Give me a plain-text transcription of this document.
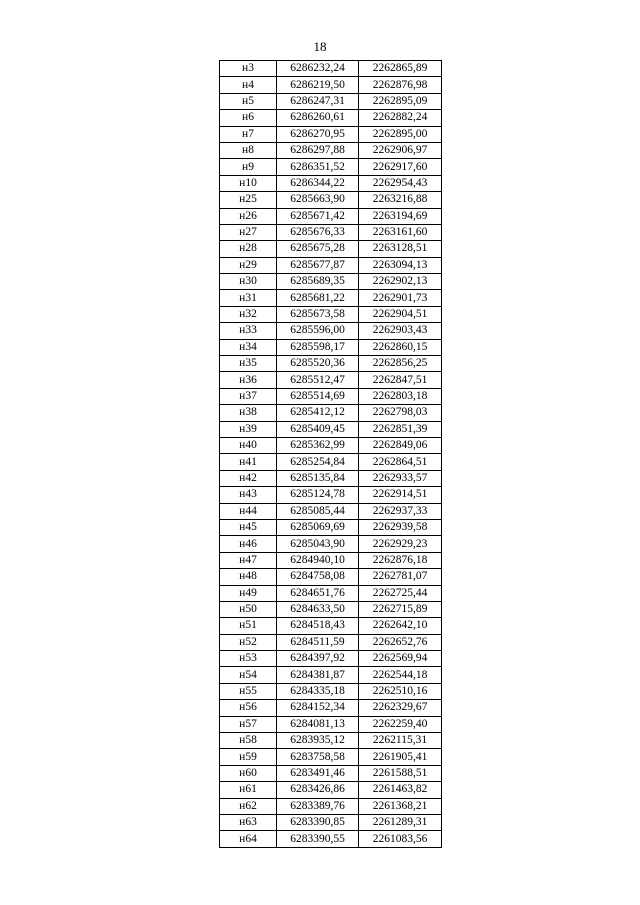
18
н3	6286232,24	2262865,89
н4	6286219,50	2262876,98
н5	6286247,31	2262895,09
н6	6286260,61	2262882,24
н7	6286270,95	2262895,00
н8	6286297,88	2262906,97
н9	6286351,52	2262917,60
н10	6286344,22	2262954,43
н25	6285663,90	2263216,88
н26	6285671,42	2263194,69
н27	6285676,33	2263161,60
н28	6285675,28	2263128,51
н29	6285677,87	2263094,13
н30	6285689,35	2262902,13
н31	6285681,22	2262901,73
н32	6285673,58	2262904,51
н33	6285596,00	2262903,43
н34	6285598,17	2262860,15
н35	6285520,36	2262856,25
н36	6285512,47	2262847,51
н37	6285514,69	2262803,18
н38	6285412,12	2262798,03
н39	6285409,45	2262851,39
н40	6285362,99	2262849,06
н41	6285254,84	2262864,51
н42	6285135,84	2262933,57
н43	6285124,78	2262914,51
н44	6285085,44	2262937,33
н45	6285069,69	2262939,58
н46	6285043,90	2262929,23
н47	6284940,10	2262876,18
н48	6284758,08	2262781,07
н49	6284651,76	2262725,44
н50	6284633,50	2262715,89
н51	6284518,43	2262642,10
н52	6284511,59	2262652,76
н53	6284397,92	2262569,94
н54	6284381,87	2262544,18
н55	6284335,18	2262510,16
н56	6284152,34	2262329,67
н57	6284081,13	2262259,40
н58	6283935,12	2262115,31
н59	6283758,58	2261905,41
н60	6283491,46	2261588,51
н61	6283426,86	2261463,82
н62	6283389,76	2261368,21
н63	6283390,85	2261289,31
н64	6283390,55	2261083,56
